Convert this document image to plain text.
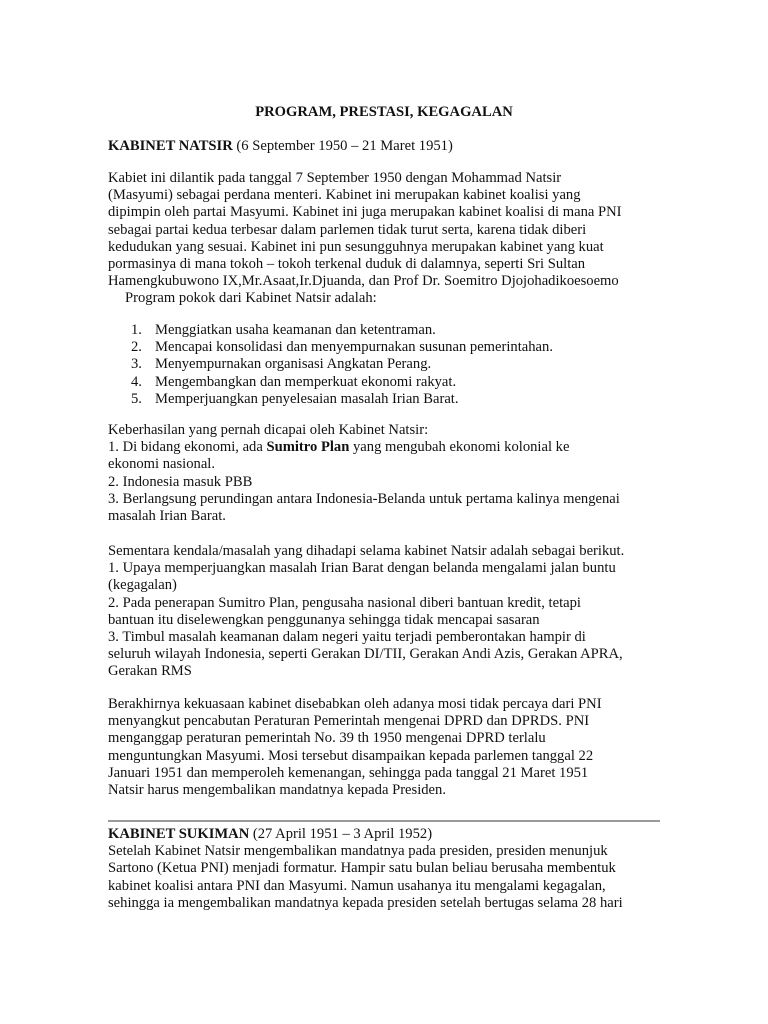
PROGRAM, PRESTASI, KEGAGALAN

KABINET NATSIR (6 September 1950 – 21 Maret 1951)

Kabiet ini dilantik pada tanggal 7 September 1950 dengan Mohammad Natsir

(Masyumi) sebagai perdana menteri. Kabinet ini merupakan kabinet koalisi yang

dipimpin oleh partai Masyumi. Kabinet ini juga merupakan kabinet koalisi di mana PNI

sebagai partai kedua terbesar dalam parlemen tidak turut serta, karena tidak diberi

kedudukan yang sesuai. Kabinet ini pun sesungguhnya merupakan kabinet yang kuat

pormasinya di mana tokoh – tokoh terkenal duduk di dalamnya, seperti Sri Sultan

Hamengkubuwono IX,Mr.Asaat,Ir.Djuanda, dan Prof Dr. Soemitro Djojohadikoesoemo

Program pokok dari Kabinet Natsir adalah:

1. Menggiatkan usaha keamanan dan ketentraman.
2. Mencapai konsolidasi dan menyempurnakan susunan pemerintahan.
3. Menyempurnakan organisasi Angkatan Perang.
4. Mengembangkan dan memperkuat ekonomi rakyat.
5. Memperjuangkan penyelesaian masalah Irian Barat.

Keberhasilan yang pernah dicapai oleh Kabinet Natsir:

1. Di bidang ekonomi, ada Sumitro Plan yang mengubah ekonomi kolonial ke

ekonomi nasional.

2. Indonesia masuk PBB

3. Berlangsung perundingan antara Indonesia-Belanda untuk pertama kalinya mengenai

masalah Irian Barat.

Sementara kendala/masalah yang dihadapi selama kabinet Natsir adalah sebagai berikut.

1. Upaya memperjuangkan masalah Irian Barat dengan belanda mengalami jalan buntu

(kegagalan)

2. Pada penerapan Sumitro Plan, pengusaha nasional diberi bantuan kredit, tetapi

bantuan itu diselewengkan penggunanya sehingga tidak mencapai sasaran

3. Timbul masalah keamanan dalam negeri yaitu terjadi pemberontakan hampir di

seluruh wilayah Indonesia, seperti Gerakan DI/TII, Gerakan Andi Azis, Gerakan APRA,

Gerakan RMS

Berakhirnya kekuasaan kabinet disebabkan oleh adanya mosi tidak percaya dari PNI

menyangkut pencabutan Peraturan Pemerintah mengenai DPRD dan DPRDS. PNI

menganggap peraturan pemerintah No. 39 th 1950 mengenai DPRD terlalu

menguntungkan Masyumi. Mosi tersebut disampaikan kepada parlemen tanggal 22

Januari 1951 dan memperoleh kemenangan, sehingga pada tanggal 21 Maret 1951

Natsir harus mengembalikan mandatnya kepada Presiden.

KABINET SUKIMAN (27 April 1951 – 3 April 1952)

Setelah Kabinet Natsir mengembalikan mandatnya pada presiden, presiden menunjuk

Sartono (Ketua PNI) menjadi formatur. Hampir satu bulan beliau berusaha membentuk

kabinet koalisi antara PNI dan Masyumi. Namun usahanya itu mengalami kegagalan,

sehingga ia mengembalikan mandatnya kepada presiden setelah bertugas selama 28 hari
